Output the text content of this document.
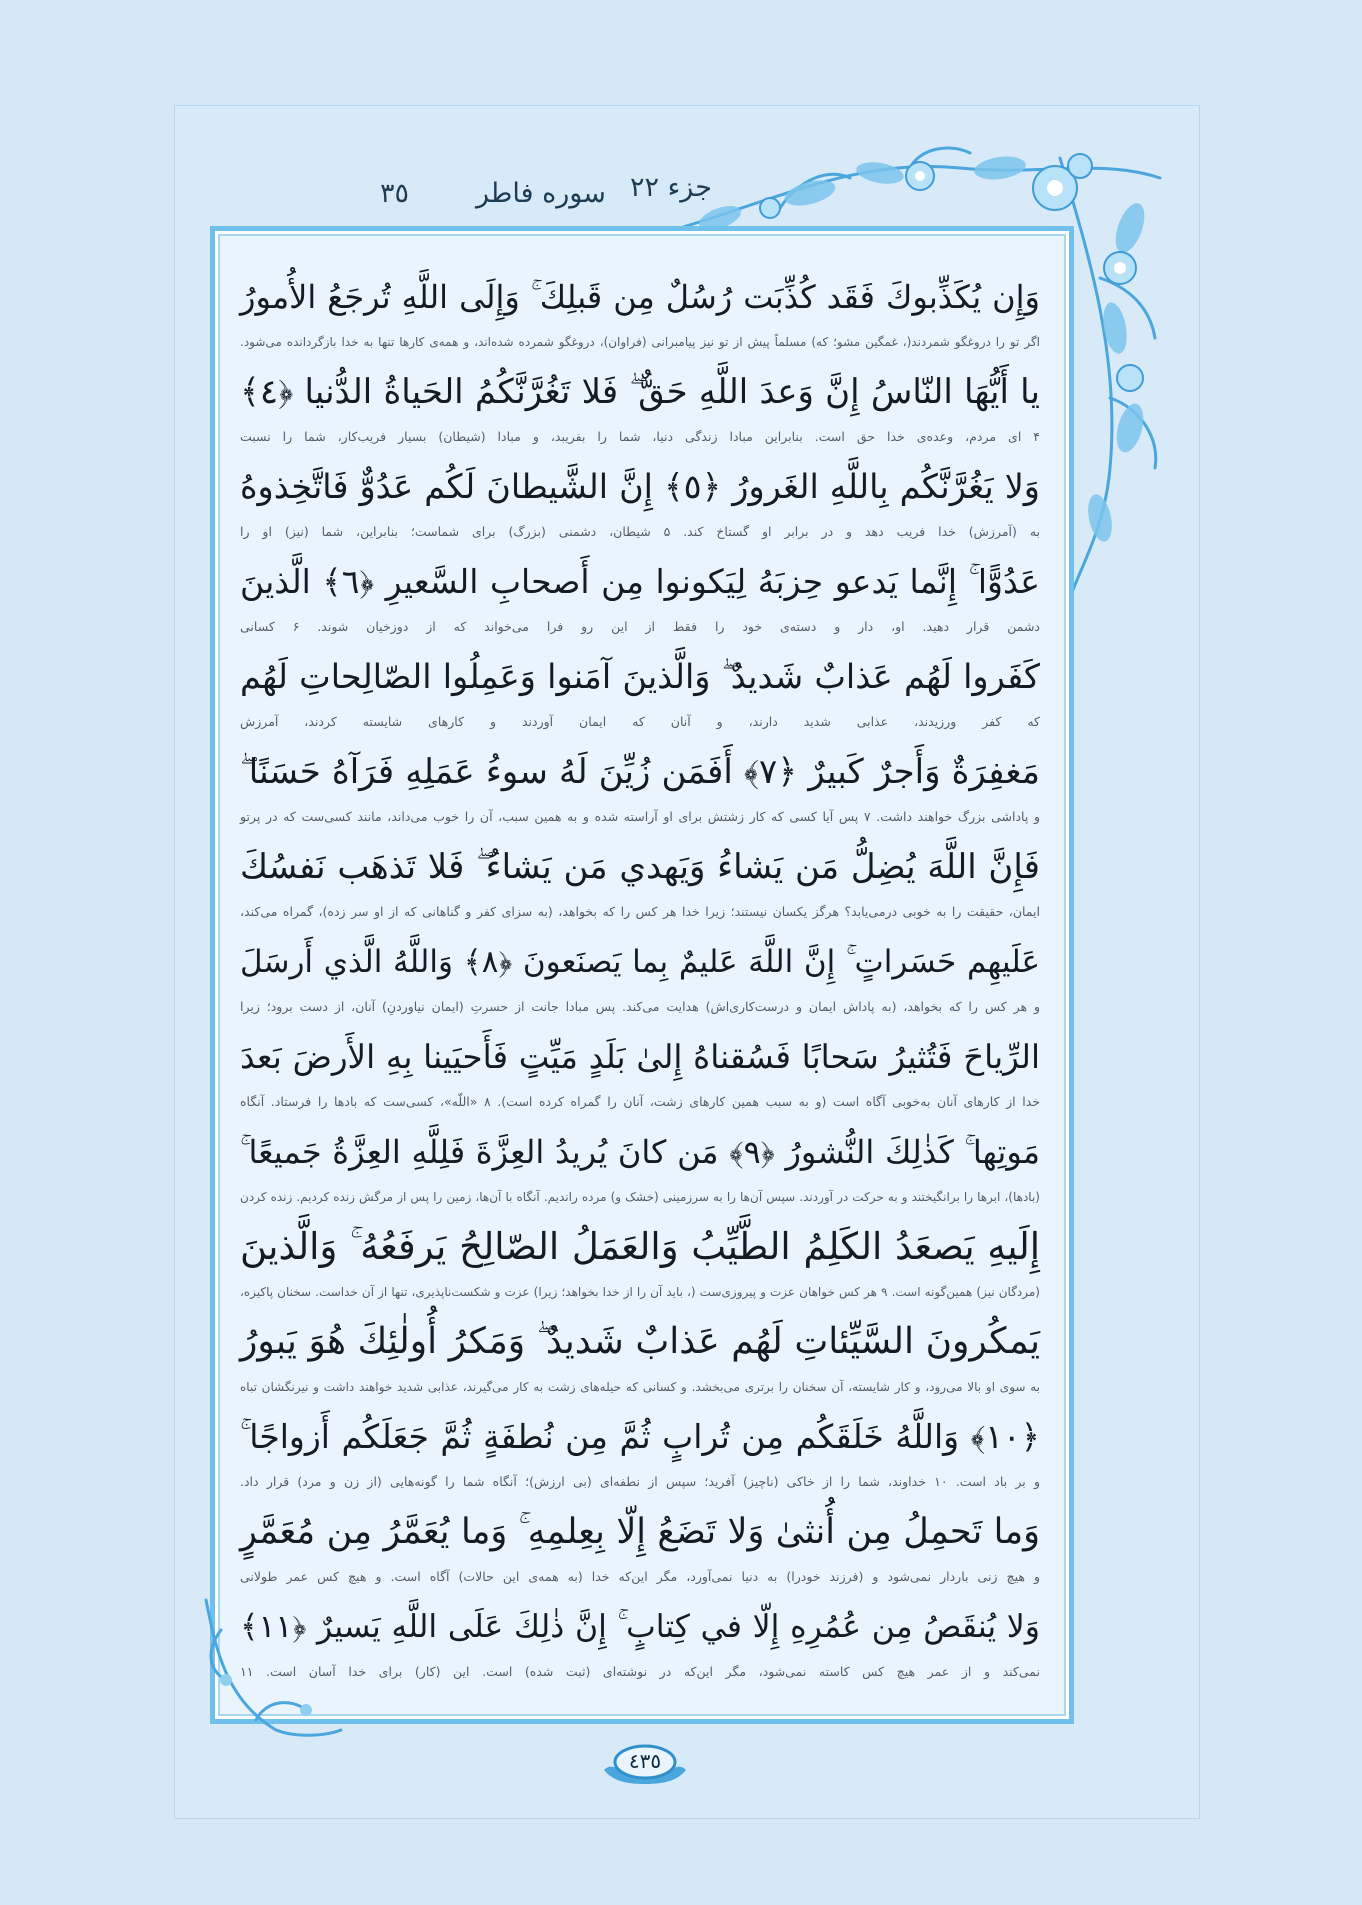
جزء ٢٢
سوره فاطر
٣٥
وَإِن يُكَذِّبوكَ فَقَد كُذِّبَت رُسُلٌ مِن قَبلِكَ ۚ وَإِلَى اللَّهِ تُرجَعُ الأُمورُ
اگر تو را دروغگو شمردند(، غمگین مشو؛ که) مسلماً پیش از تو نیز پیامبرانی (فراوان)، دروغگو شمرده شده‌اند، و همه‌ی کارها تنها به خدا بازگردانده می‌شود.
يا أَيُّهَا النّاسُ إِنَّ وَعدَ اللَّهِ حَقٌّ ۖ فَلا تَغُرَّنَّكُمُ الحَياةُ الدُّنيا ﴿٤﴾
۴ ای مردم، وعده‌ی خدا حق است. بنابراین مبادا زندگی دنیا، شما را بفریبد، و مبادا (شیطان) بسیار فریب‌کار، شما را نسبت
وَلا يَغُرَّنَّكُم بِاللَّهِ الغَرورُ ﴿٥﴾ إِنَّ الشَّيطانَ لَكُم عَدُوٌّ فَاتَّخِذوهُ
به (آمرزش) خدا فریب دهد و در برابر او گستاخ کند. ۵ شیطان، دشمنی (بزرگ) برای شماست؛ بنابراین، شما (نیز) او را
عَدُوًّا ۚ إِنَّما يَدعو حِزبَهُ لِيَكونوا مِن أَصحابِ السَّعيرِ ﴿٦﴾ الَّذينَ
دشمن قرار دهید. او، دار و دسته‌ی خود را فقط از این رو فرا می‌خواند که از دوزخیان شوند. ۶ کسانی
كَفَروا لَهُم عَذابٌ شَديدٌ ۖ وَالَّذينَ آمَنوا وَعَمِلُوا الصّالِحاتِ لَهُم
که کفر ورزیدند، عذابی شدید دارند، و آنان که ایمان آوردند و کارهای شایسته کردند، آمرزش
مَغفِرَةٌ وَأَجرٌ كَبيرٌ ﴿٧﴾ أَفَمَن زُيِّنَ لَهُ سوءُ عَمَلِهِ فَرَآهُ حَسَنًا ۖ
و پاداشی بزرگ خواهند داشت. ۷ پس آیا کسی که کار زشتش برای او آراسته شده و به همین سبب، آن را خوب می‌داند، مانند کسی‌ست که در پرتو
فَإِنَّ اللَّهَ يُضِلُّ مَن يَشاءُ وَيَهدي مَن يَشاءُ ۖ فَلا تَذهَب نَفسُكَ
ایمان، حقیقت را به خوبی درمی‌یابد؟ هرگز یکسان نیستند؛ زیرا خدا هر کس را که بخواهد، (به سزای کفر و گناهانی که از او سر زده)، گمراه می‌کند،
عَلَيهِم حَسَراتٍ ۚ إِنَّ اللَّهَ عَليمٌ بِما يَصنَعونَ ﴿٨﴾ وَاللَّهُ الَّذي أَرسَلَ
و هر کس را که بخواهد، (به پاداش ایمان و درست‌کاری‌اش) هدایت می‌کند. پس مبادا جانت از حسرتِ (ایمان نیاوردنِ) آنان، از دست برود؛ زیرا
الرِّياحَ فَتُثيرُ سَحابًا فَسُقناهُ إِلىٰ بَلَدٍ مَيِّتٍ فَأَحيَينا بِهِ الأَرضَ بَعدَ
خدا از کارهای آنان به‌خوبی آگاه است (و به سبب همین کارهای زشت، آنان را گمراه کرده است). ۸ «اللّه»، کسی‌ست که بادها را فرستاد. آنگاه
مَوتِها ۚ كَذٰلِكَ النُّشورُ ﴿٩﴾ مَن كانَ يُريدُ العِزَّةَ فَلِلَّهِ العِزَّةُ جَميعًا ۚ
(بادها)، ابرها را برانگیختند و به حرکت در آوردند. سپس آن‌ها را به سرزمینی (خشک و) مرده راندیم. آنگاه با آن‌ها، زمین را پس از مرگش زنده کردیم. زنده کردن
إِلَيهِ يَصعَدُ الكَلِمُ الطَّيِّبُ وَالعَمَلُ الصّالِحُ يَرفَعُهُ ۚ وَالَّذينَ
(مردگان نیز) همین‌گونه است. ۹ هر کس خواهان عزت و پیروزی‌ست (، باید آن را از خدا بخواهد؛ زیرا) عزت و شکست‌ناپذیری، تنها از آن خداست. سخنان پاکیزه،
يَمكُرونَ السَّيِّئاتِ لَهُم عَذابٌ شَديدٌ ۖ وَمَكرُ أُولٰئِكَ هُوَ يَبورُ
به سوی او بالا می‌رود، و کار شایسته، آن سخنان را برتری می‌بخشد. و کسانی که حیله‌های زشت به کار می‌گیرند، عذابی شدید خواهند داشت و نیرنگشان تباه
﴿١٠﴾ وَاللَّهُ خَلَقَكُم مِن تُرابٍ ثُمَّ مِن نُطفَةٍ ثُمَّ جَعَلَكُم أَزواجًا ۚ
و بر باد است. ۱۰ خداوند، شما را از خاکی (ناچیز) آفرید؛ سپس از نطفه‌ای (بی ارزش)؛ آنگاه شما را گونه‌هایی (از زن و مرد) قرار داد.
وَما تَحمِلُ مِن أُنثىٰ وَلا تَضَعُ إِلّا بِعِلمِهِ ۚ وَما يُعَمَّرُ مِن مُعَمَّرٍ
و هیچ زنی باردار نمی‌شود و (فرزند خودرا) به دنیا نمی‌آورد، مگر این‌که خدا (به همه‌ی این حالات) آگاه است. و هیچ کس عمر طولانی
وَلا يُنقَصُ مِن عُمُرِهِ إِلّا في كِتابٍ ۚ إِنَّ ذٰلِكَ عَلَى اللَّهِ يَسيرٌ ﴿١١﴾
نمی‌کند و از عمر هیچ کس کاسته نمی‌شود، مگر این‌که در نوشته‌ای (ثبت شده) است. این (کار) برای خدا آسان است. ۱۱
٤٣٥
